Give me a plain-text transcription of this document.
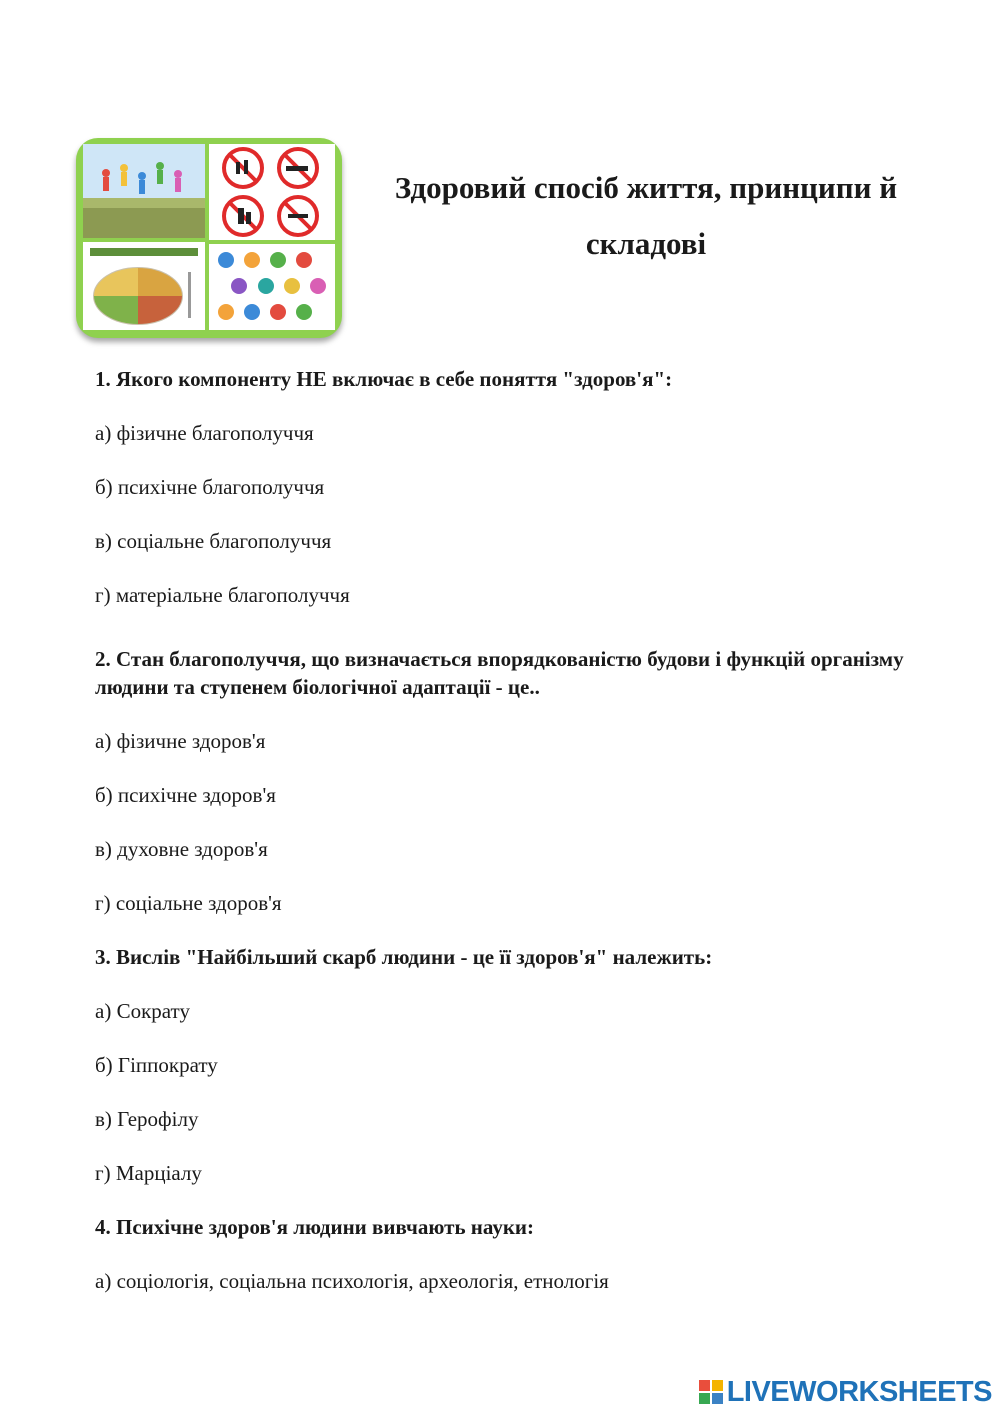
Здоровий спосіб життя, принципи й складові

1. Якого компоненту НЕ включає в себе поняття "здоров'я":

а) фізичне благополуччя

б) психічне благополуччя

в) соціальне благополуччя

г) матеріальне благополуччя

2. Стан благополуччя, що визначається впорядкованістю будови і функцій організму людини та ступенем біологічної адаптації - це..

а) фізичне здоров'я

б) психічне здоров'я

в) духовне здоров'я

г) соціальне здоров'я

3. Вислів "Найбільший скарб людини - це її здоров'я" належить:

а) Сократу

б) Гіппократу

в) Герофілу

г) Марціалу

4. Психічне здоров'я людини вивчають науки:

а) соціологія, соціальна психологія, археологія, етнологія

LIVEWORKSHEETS
